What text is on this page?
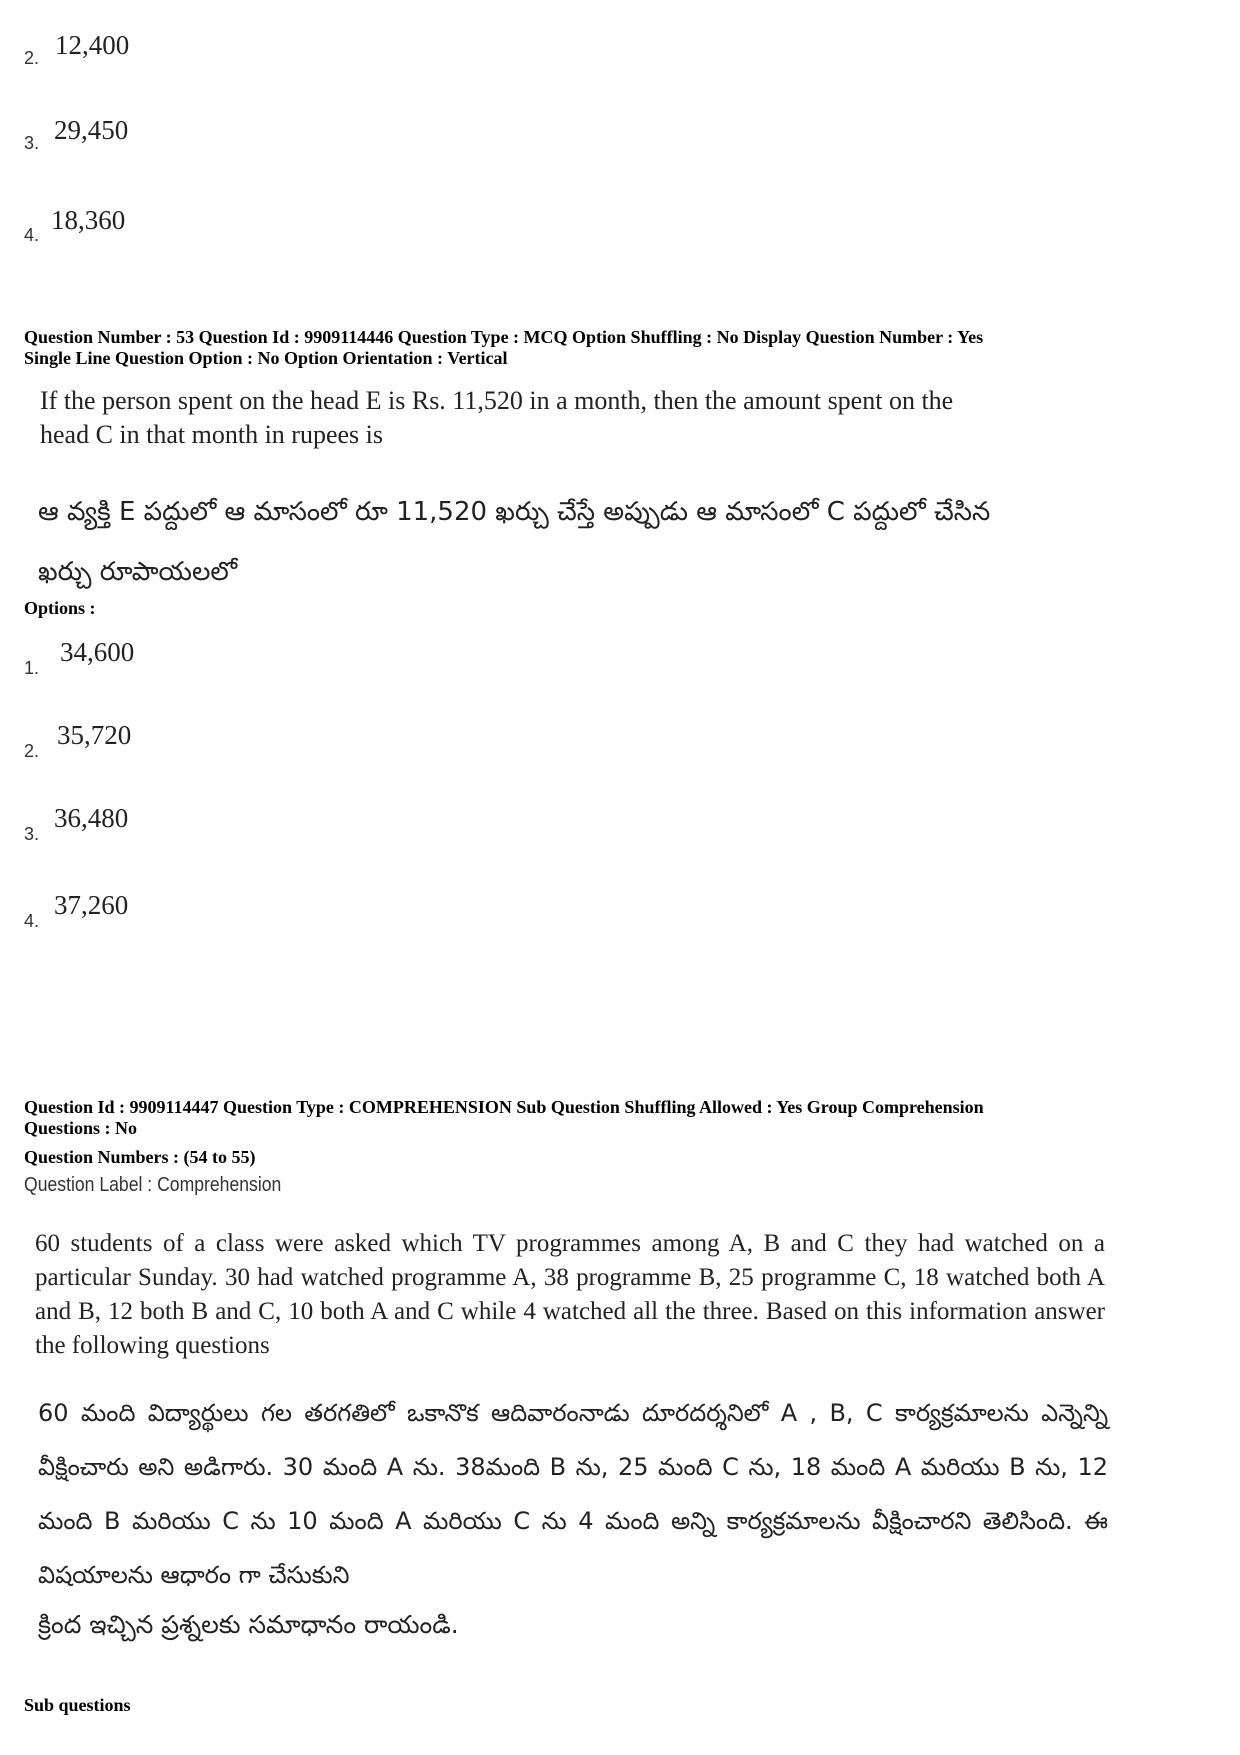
2. 12,400
3. 29,450
4. 18,360
Question Number : 53 Question Id : 9909114446 Question Type : MCQ Option Shuffling : No Display Question Number : Yes
Single Line Question Option : No Option Orientation : Vertical
If the person spent on the head E is Rs. 11,520 in a month, then the amount spent on the
head C in that month in rupees is
ఆ వ్యక్తి E పద్దులో ఆ మాసంలో రూ 11,520 ఖర్చు చేస్తే అప్పుడు ఆ మాసంలో C పద్దులో చేసిన
ఖర్చు రూపాయలలో
Options :
1.
34,600
2.
35,720
3.
36,480
4.
37,260
Question Id : 9909114447 Question Type : COMPREHENSION Sub Question Shuffling Allowed : Yes Group Comprehension
Questions : No
Question Numbers : (54 to 55)
Question Label : Comprehension
60 students of a class were asked which TV programmes among A, B and C they had watched on a particular Sunday. 30 had watched programme A, 38 programme B, 25 programme C, 18 watched both A and B, 12 both B and C, 10 both A and C while 4 watched all the three. Based on this information answer the following questions
60 మంది విద్యార్థులు గల తరగతిలో ఒకానొక ఆదివారంనాడు దూరదర్శనిలో A , B, C కార్యక్రమాలను ఎన్నెన్ని వీక్షించారు అని అడిగారు. 30 మంది A ను. 38మంది B ను, 25 మంది C ను, 18 మంది A మరియు B ను, 12 మంది B మరియు C ను 10 మంది A మరియు C ను 4 మంది అన్ని కార్యక్రమాలను వీక్షించారని తెలిసింది. ఈ విషయాలను ఆధారం గా చేసుకుని
క్రింద ఇచ్చిన ప్రశ్నలకు సమాధానం రాయండి.
Sub questions
